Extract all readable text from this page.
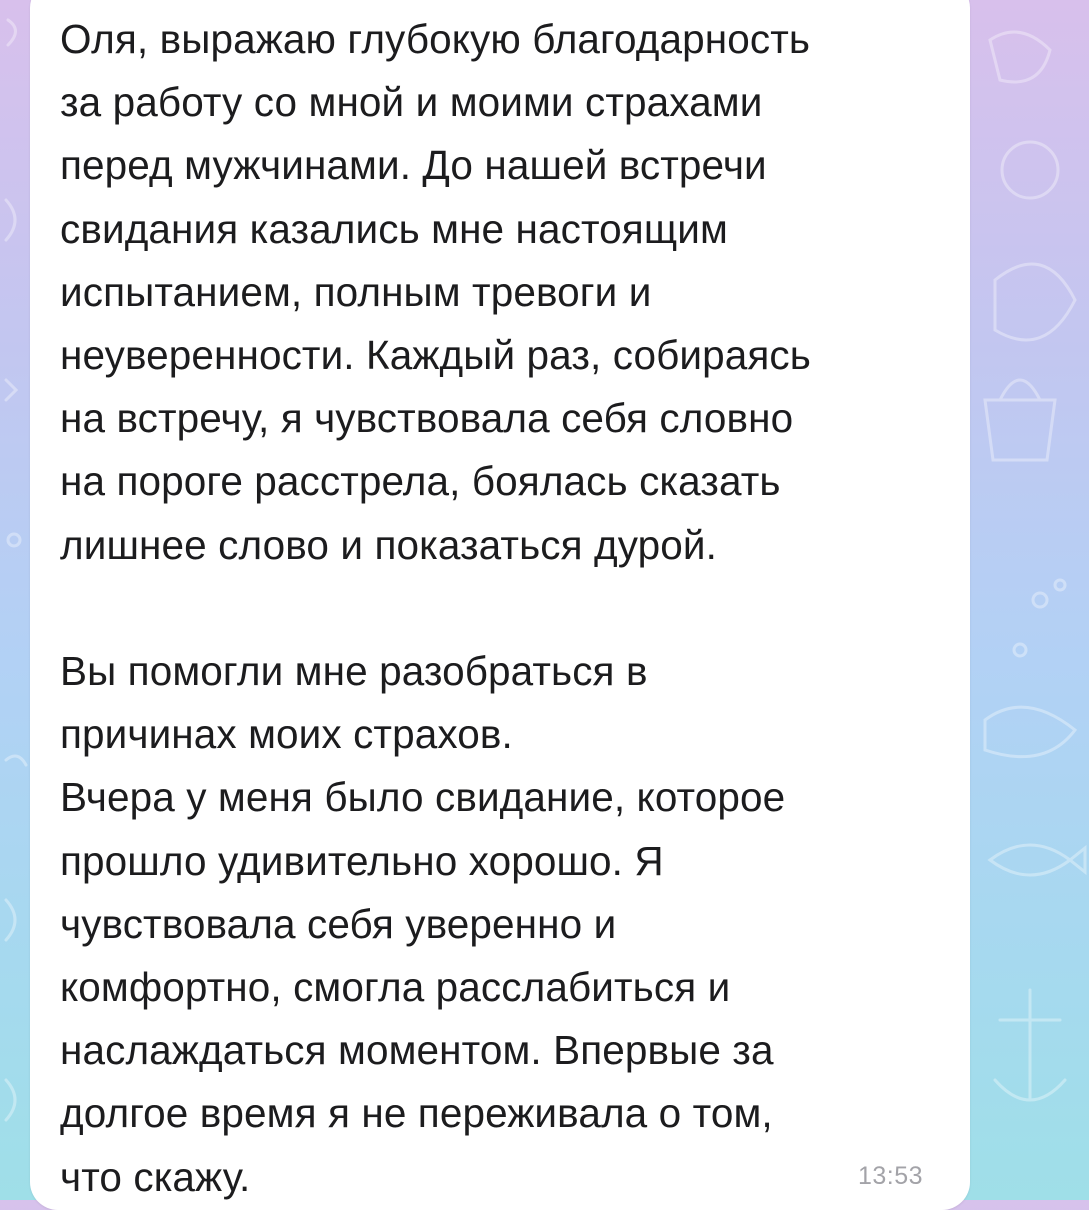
Оля, выражаю глубокую благодарность

за работу со мной и моими страхами

перед мужчинами. До нашей встречи

свидания казались мне настоящим

испытанием, полным тревоги и

неуверенности. Каждый раз, собираясь

на встречу, я чувствовала себя словно

на пороге расстрела, боялась сказать

лишнее слово и показаться дурой.

Вы помогли мне разобраться в

причинах моих страхов.

Вчера у меня было свидание, которое

прошло удивительно хорошо. Я

чувствовала себя уверенно и

комфортно, смогла расслабиться и

наслаждаться моментом. Впервые за

долгое время я не переживала о том,

что скажу.	13:53
